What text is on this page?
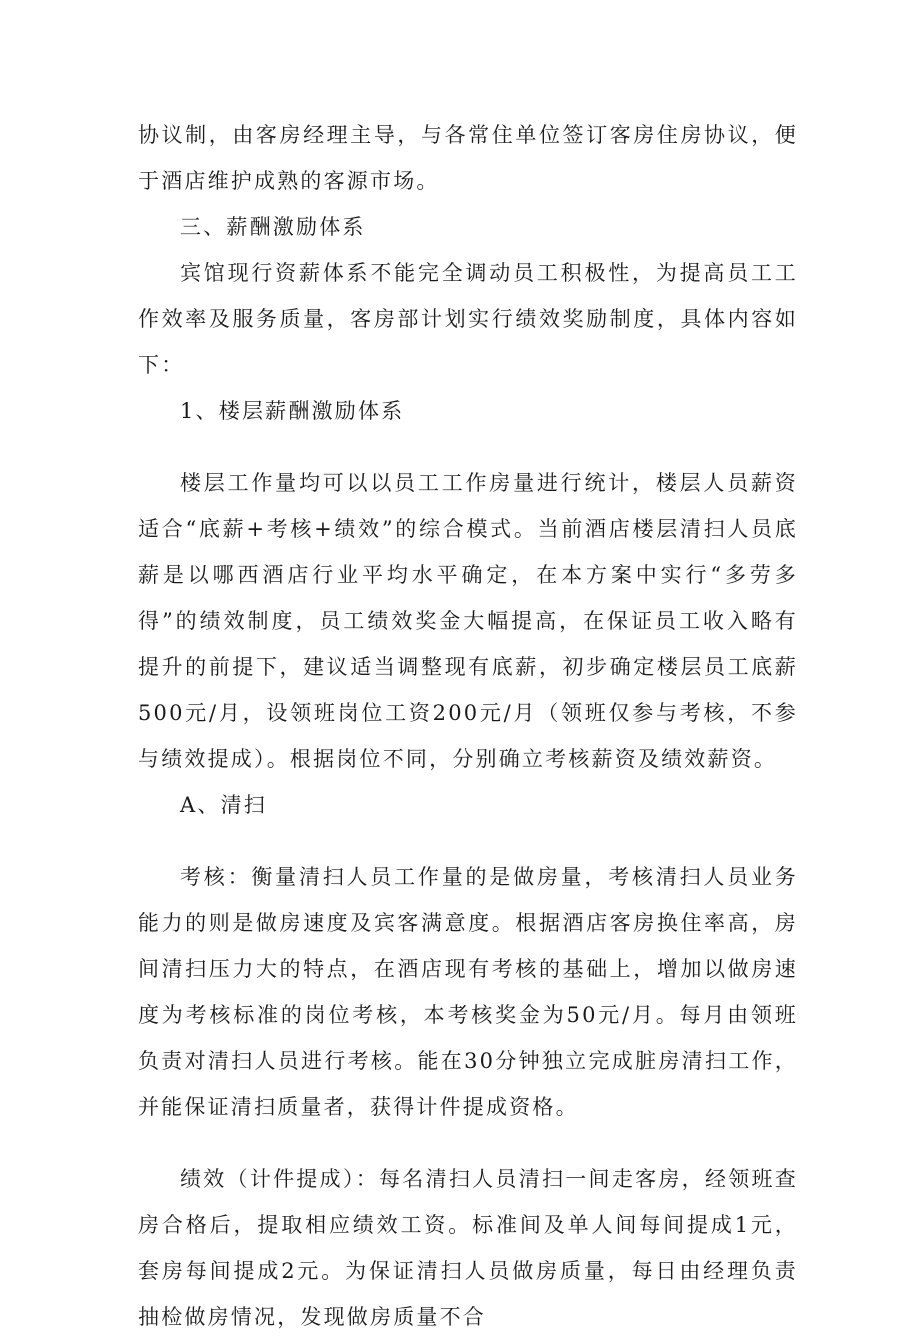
协议制，由客房经理主导，与各常住单位签订客房住房协议，便于酒店维护成熟的客源市场。

三、薪酬激励体系

宾馆现行资薪体系不能完全调动员工积极性，为提高员工工作效率及服务质量，客房部计划实行绩效奖励制度，具体内容如下：

1、楼层薪酬激励体系

楼层工作量均可以以员工工作房量进行统计，楼层人员薪资适合“底薪+考核+绩效”的综合模式。当前酒店楼层清扫人员底薪是以哪西酒店行业平均水平确定，在本方案中实行“多劳多得”的绩效制度，员工绩效奖金大幅提高，在保证员工收入略有提升的前提下，建议适当调整现有底薪，初步确定楼层员工底薪500元/月，设领班岗位工资200元/月（领班仅参与考核，不参与绩效提成）。根据岗位不同，分别确立考核薪资及绩效薪资。

A、清扫

考核：衡量清扫人员工作量的是做房量，考核清扫人员业务能力的则是做房速度及宾客满意度。根据酒店客房换住率高，房间清扫压力大的特点，在酒店现有考核的基础上，增加以做房速度为考核标准的岗位考核，本考核奖金为50元/月。每月由领班负责对清扫人员进行考核。能在30分钟独立完成脏房清扫工作，并能保证清扫质量者，获得计件提成资格。

绩效（计件提成）：每名清扫人员清扫一间走客房，经领班查房合格后，提取相应绩效工资。标准间及单人间每间提成1元，套房每间提成2元。为保证清扫人员做房质量，每日由经理负责抽检做房情况，发现做房质量不合
